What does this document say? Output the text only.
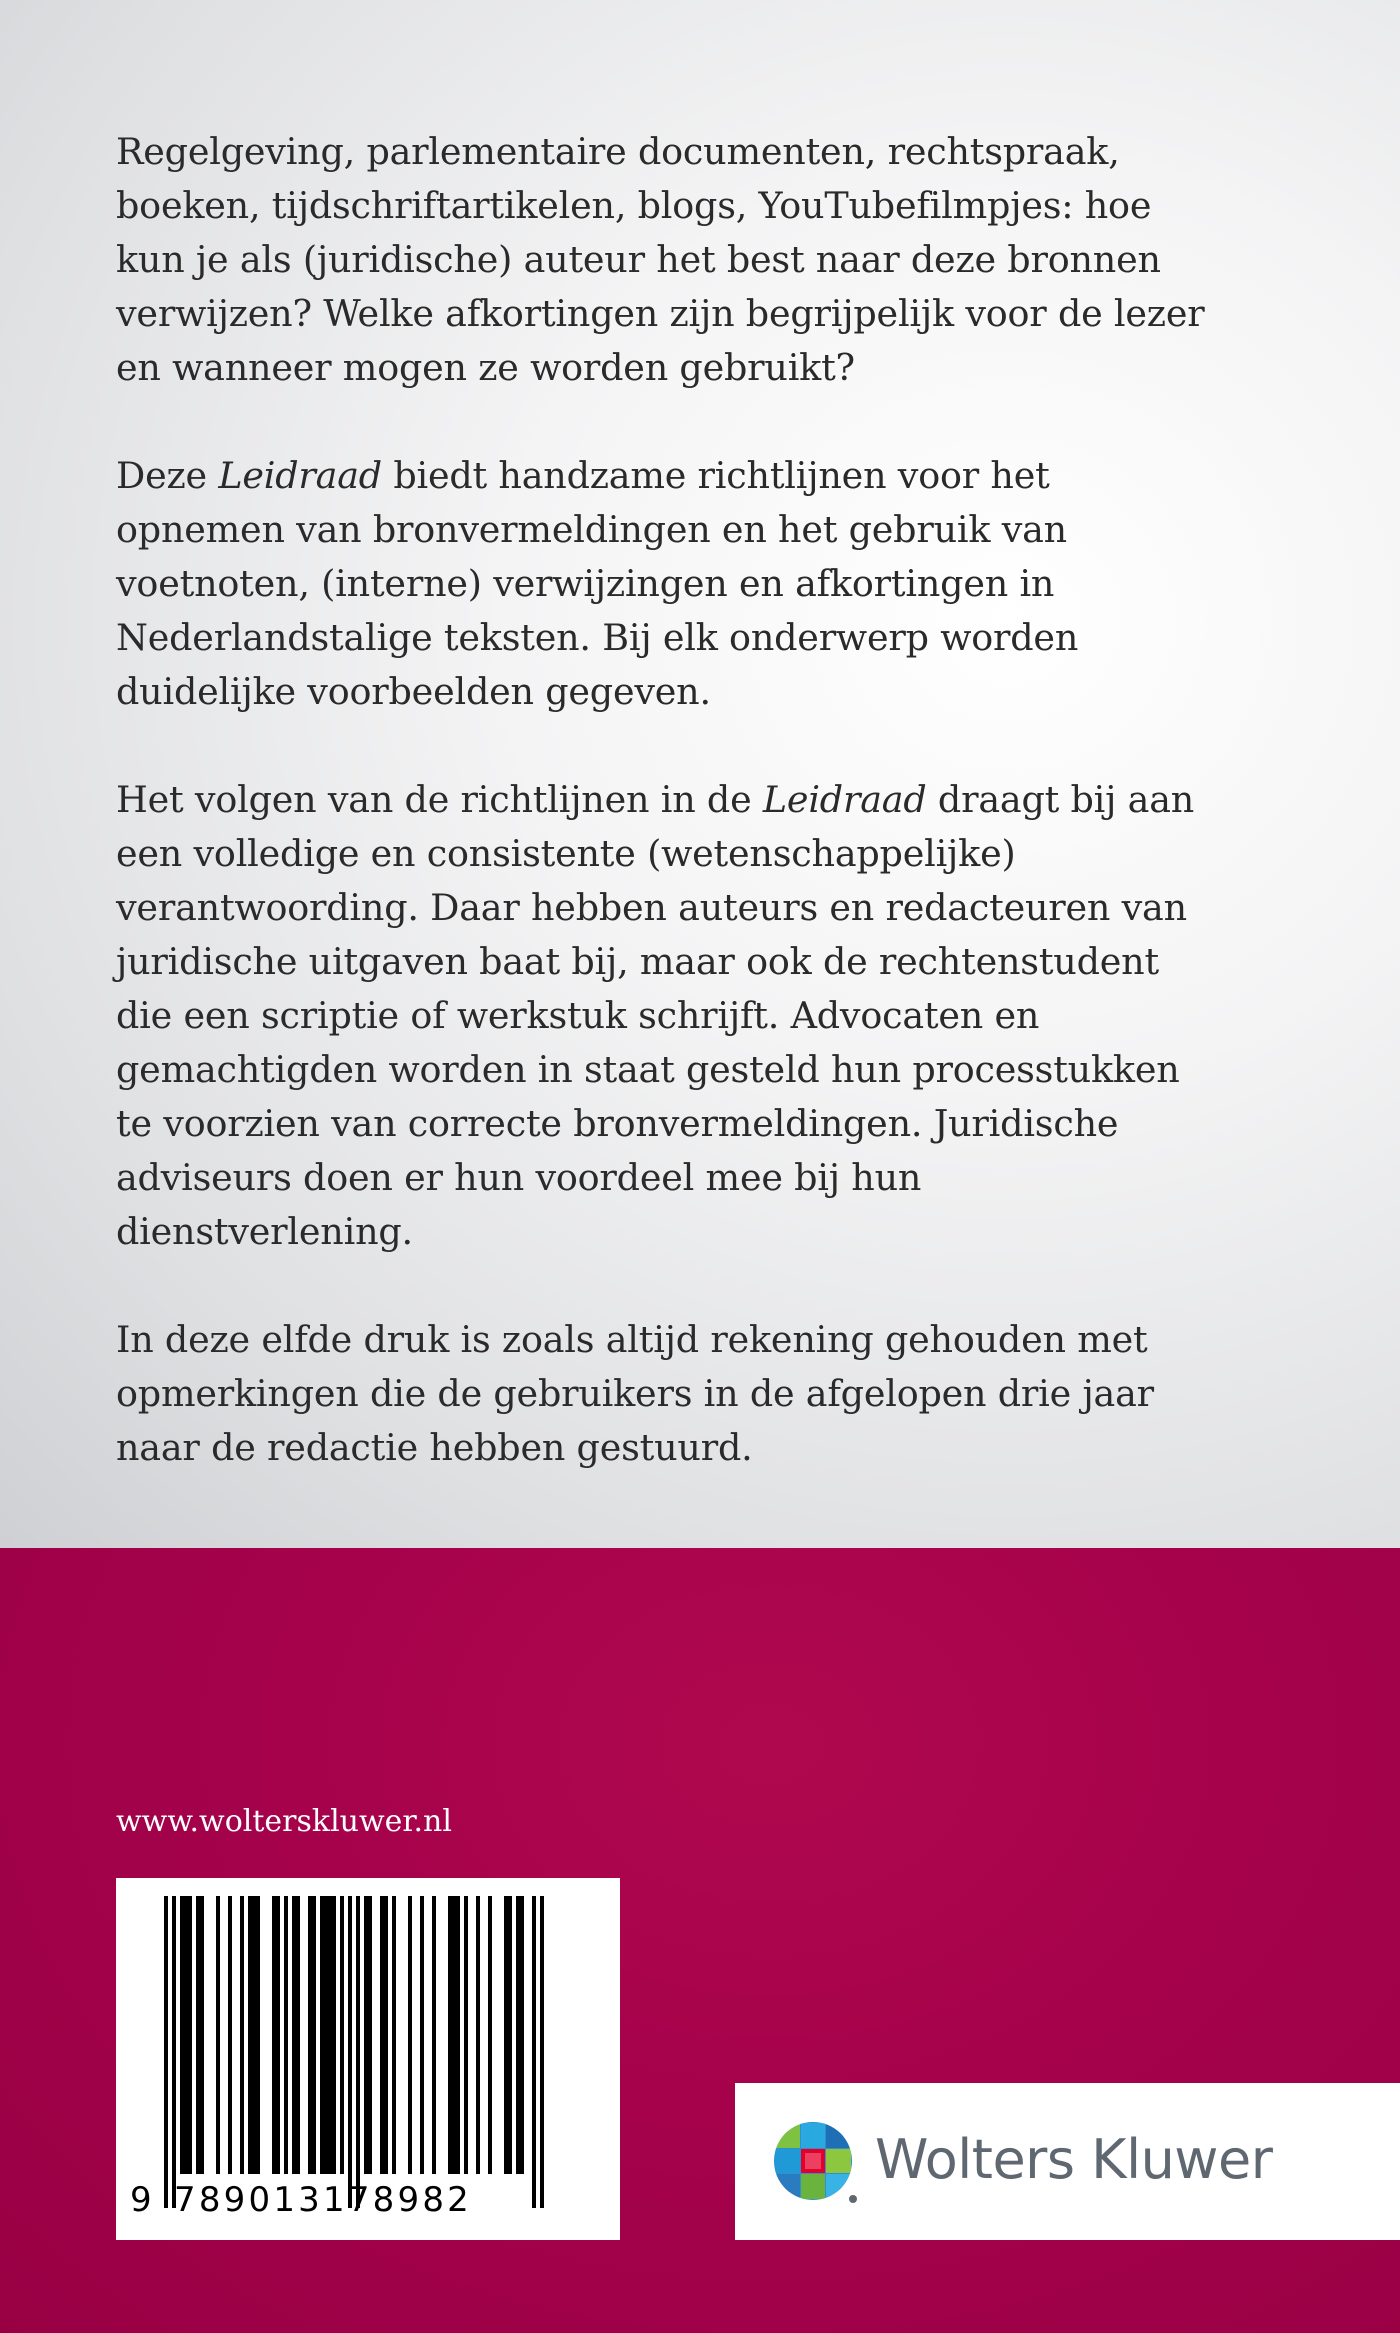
Regelgeving, parlementaire documenten, rechtspraak, boeken, tijdschriftartikelen, blogs, YouTubefilmpjes: hoe kun je als (juridische) auteur het best naar deze bronnen verwijzen? Welke afkortingen zijn begrijpelijk voor de lezer en wanneer mogen ze worden gebruikt?

Deze Leidraad biedt handzame richtlijnen voor het opnemen van bronvermeldingen en het gebruik van voetnoten, (interne) verwijzingen en afkortingen in Nederlandstalige teksten. Bij elk onderwerp worden duidelijke voorbeelden gegeven.

Het volgen van de richtlijnen in de Leidraad draagt bij aan een volledige en consistente (wetenschappelijke) verantwoording. Daar hebben auteurs en redacteuren van juridische uitgaven baat bij, maar ook de rechtenstudent die een scriptie of werkstuk schrijft. Advocaten en gemachtigden worden in staat gesteld hun processtukken te voorzien van correcte bronvermeldingen. Juridische adviseurs doen er hun voordeel mee bij hun dienstverlening.

In deze elfde druk is zoals altijd rekening gehouden met opmerkingen die de gebruikers in de afgelopen drie jaar naar de redactie hebben gestuurd.

www.wolterskluwer.nl
9 789013178982
Wolters Kluwer
